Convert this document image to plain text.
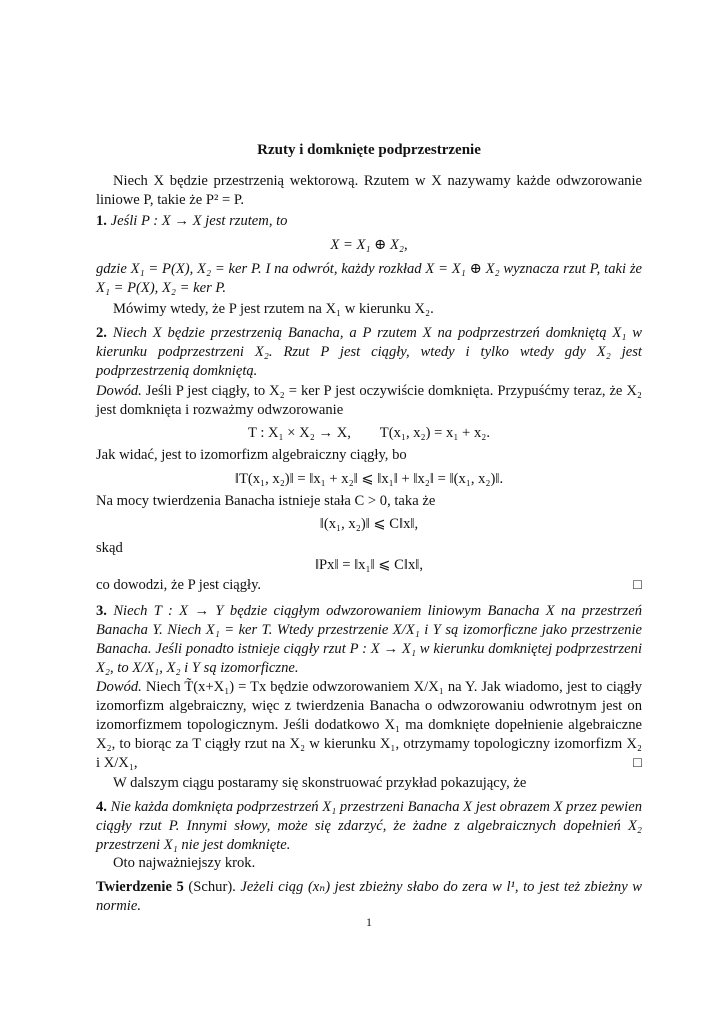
Rzuty i domknięte podprzestrzenie
Niech X będzie przestrzenią wektorową. Rzutem w X nazywamy każde odwzorowanie liniowe P, takie że P² = P.
1. Jeśli P : X → X jest rzutem, to
X = X₁ ⊕ X₂,
gdzie X₁ = P(X), X₂ = ker P. I na odwrót, każdy rozkład X = X₁ ⊕ X₂ wyznacza rzut P, taki że X₁ = P(X), X₂ = ker P.
Mówimy wtedy, że P jest rzutem na X₁ w kierunku X₂.
2. Niech X będzie przestrzenią Banacha, a P rzutem X na podprzestrzeń domkniętą X₁ w kierunku podprzestrzeni X₂. Rzut P jest ciągły, wtedy i tylko wtedy gdy X₂ jest podprzestrzenią domkniętą.
Dowód. Jeśli P jest ciągły, to X₂ = ker P jest oczywiście domknięta. Przypuśćmy teraz, że X₂ jest domknięta i rozważmy odwzorowanie
T : X₁ × X₂ → X,        T(x₁, x₂) = x₁ + x₂.
Jak widać, jest to izomorfizm algebraiczny ciągły, bo
‖T(x₁, x₂)‖ = ‖x₁ + x₂‖ ⩽ ‖x₁‖ + ‖x₂‖ = ‖(x₁, x₂)‖.
Na mocy twierdzenia Banacha istnieje stała C > 0, taka że
‖(x₁, x₂)‖ ⩽ C‖x‖,
skąd
‖Px‖ = ‖x₁‖ ⩽ C‖x‖,
co dowodzi, że P jest ciągły.	□
3. Niech T : X → Y będzie ciągłym odwzorowaniem liniowym Banacha X na przestrzeń Banacha Y. Niech X₁ = ker T. Wtedy przestrzenie X/X₁ i Y są izomorficzne jako przestrzenie Banacha. Jeśli ponadto istnieje ciągły rzut P : X → X₁ w kierunku domkniętej podprzestrzeni X₂, to X/X₁, X₂ i Y są izomorficzne.
Dowód. Niech T̃(x+X₁) = Tx będzie odwzorowaniem X/X₁ na Y. Jak wiadomo, jest to ciągły izomorfizm algebraiczny, więc z twierdzenia Banacha o odwzorowaniu odwrotnym jest on izomorfizmem topologicznym. Jeśli dodatkowo X₁ ma domknięte dopełnienie algebraiczne X₂, to biorąc za T ciągły rzut na X₂ w kierunku X₁, otrzymamy topologiczny izomorfizm X₂ i X/X₁,	□
W dalszym ciągu postaramy się skonstruować przykład pokazujący, że
4. Nie każda domknięta podprzestrzeń X₁ przestrzeni Banacha X jest obrazem X przez pewien ciągły rzut P. Innymi słowy, może się zdarzyć, że żadne z algebraicznych dopełnień X₂ przestrzeni X₁ nie jest domknięte.
Oto najważniejszy krok.
Twierdzenie 5 (Schur). Jeżeli ciąg (xₙ) jest zbieżny słabo do zera w l¹, to jest też zbieżny w normie.
1
